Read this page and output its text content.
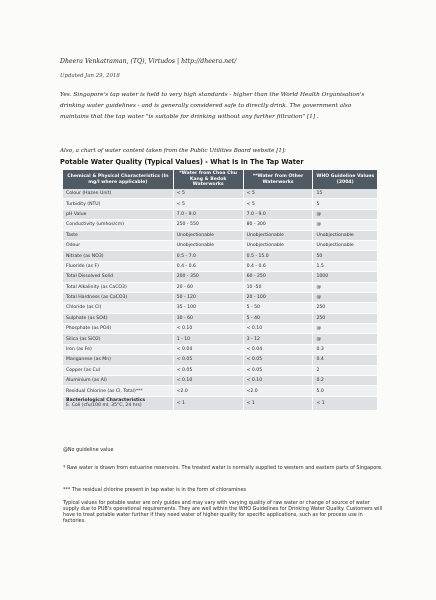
Dheera Venkatraman, (TQ), Virtudos | http://dheera.net/
Updated Jan 29, 2018
Yes. Singapore's tap water is held to very high standards - higher than the World Health Organisation's drinking water guidelines - and is generally considered safe to directly drink. The government also maintains that the tap water "is suitable for drinking without any further filtration" [1] .
Also, a chart of water content taken from the Public Utilities Board website [1]:
Potable Water Quality (Typical Values) - What Is In The Tap Water
Chemical & Physical Characteristics (In mg/l where applicable)	*Water from Choa Chu Kang & Bedok Waterworks	**Water from Other Waterworks	WHO Guideline Values (2004)
Colour (Hazen Unit)	< 5	< 5	15
Turbidity (NTU)	< 5	< 5	5
pH Value	7.0 - 9.0	7.0 - 9.0	@
Conductivity (umhos/cm)	250 - 550	80 - 300	@
Taste	Unobjectionable	Unobjectionable	Unobjectionable
Odour	Unobjectionable	Unobjectionable	Unobjectionable
Nitrate (as NO3)	0.5 - 7.0	0.5 - 15.0	50
Fluoride (as F)	0.4 - 0.6	0.4 - 0.6	1.5
Total Dissolved Solid	200 - 350	60 - 250	1000
Total Alkalinity (as CaCO3)	20 - 60	10 -50	@
Total Hardness (as CaCO3)	50 - 120	20 - 100	@
Chloride (as Cl)	35 - 100	5 - 50	250
Sulphate (as SO4)	30 - 60	5 - 40	250
Phosphate (as PO4)	< 0.10	< 0.10	@
Silica (as SiO2)	1 - 10	3 - 12	@
Iron (as Fe)	< 0.04	< 0.04	0.3
Manganese (as Mn)	< 0.05	< 0.05	0.4
Copper (as Cu)	< 0.05	< 0.05	2
Aluminium (as Al)	< 0.10	< 0.10	0.2
Residual Chlorine (as Cl, Total)***	<2.0	<2.0	5.0
Bacteriological Characteristics
E. Coli (cfu/100 ml, 35°C, 24 hrs)	< 1	< 1	< 1
@No guideline value
* Raw water is drawn from estuarine reservoirs. The treated water is normally supplied to western and eastern parts of Singapore.
*** The residual chlorine present in tap water is in the form of chloramines
Typical values for potable water are only guides and may vary with varying quality of raw water or change of source of water supply due to PUB's operational requirements. They are well within the WHO Guidelines for Drinking Water Quality. Customers will have to treat potable water further if they need water of higher quality for specific applications, such as for process use in factories.
